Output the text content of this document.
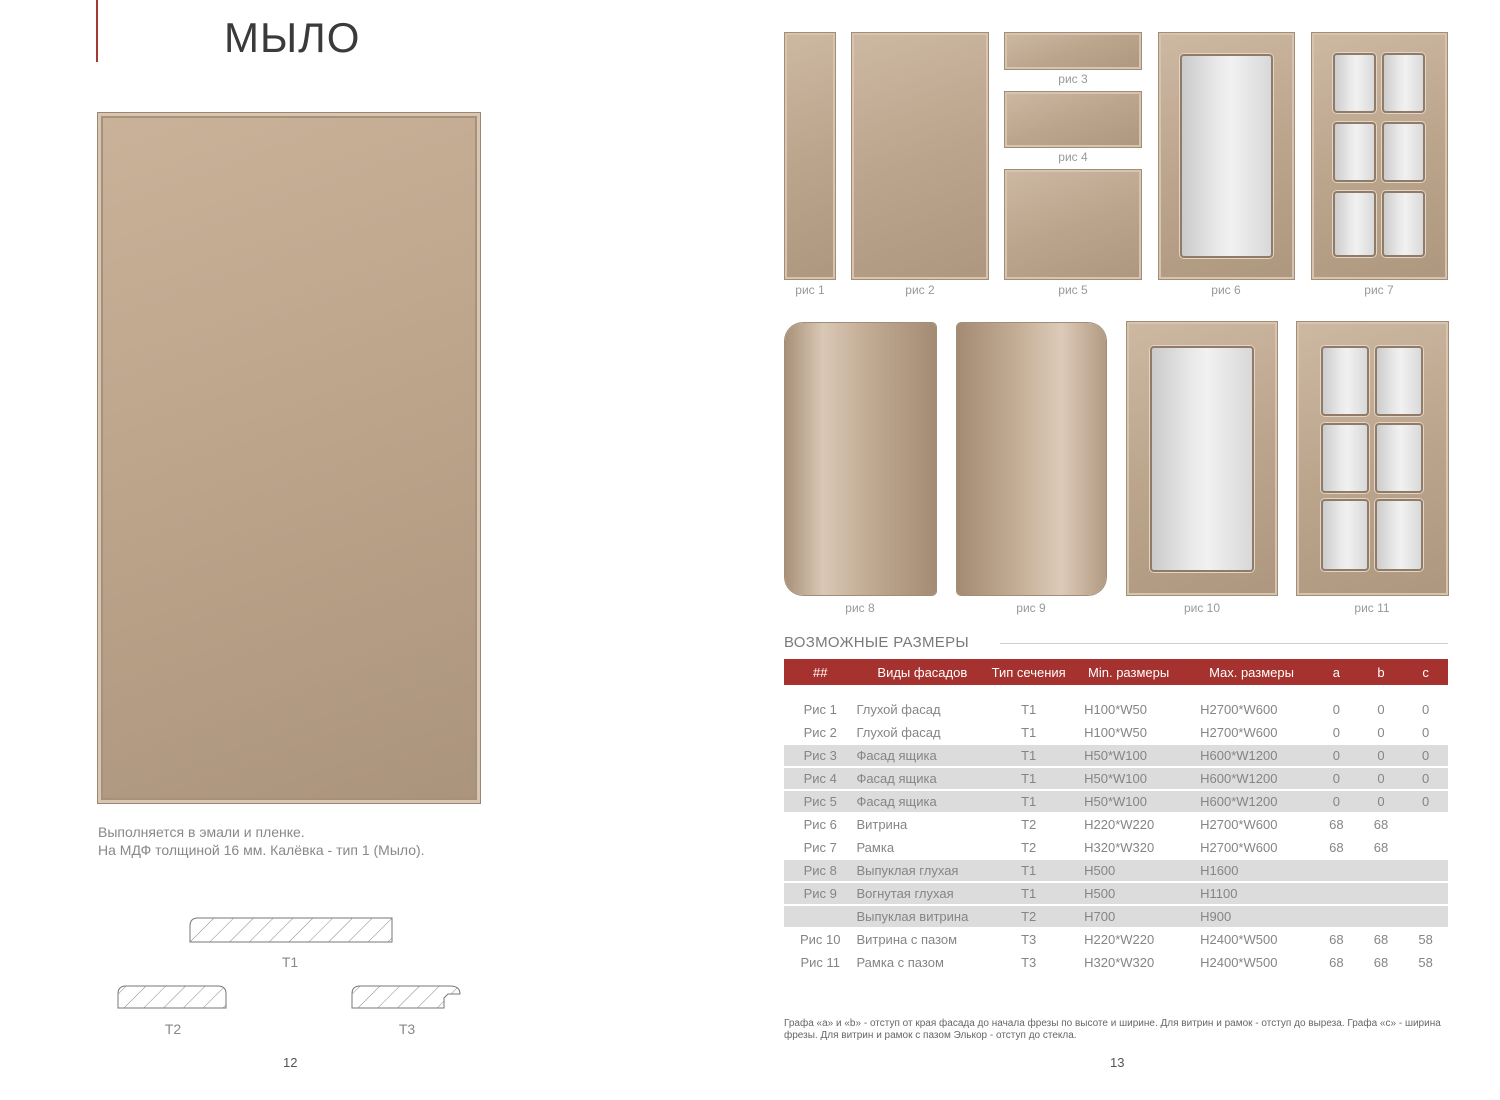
МЫЛО
Выполняется в эмали и пленке.
На МДФ толщиной 16 мм. Калёвка - тип 1 (Мыло).
T1
T2	T3
12
рис 1	рис 2
рис 3
рис 4
рис 5	рис 6	рис 7
рис 8	рис 9	рис 10	рис 11
ВОЗМОЖНЫЕ РАЗМЕРЫ
##	Виды фасадов	Тип сечения	Min. размеры	Max. размеры	a	b	c

Рис 1	Глухой фасад	T1	H100*W50	H2700*W600	0	0	0
Рис 2	Глухой фасад	T1	H100*W50	H2700*W600	0	0	0
Рис 3	Фасад ящика	T1	H50*W100	H600*W1200	0	0	0
Рис 4	Фасад ящика	T1	H50*W100	H600*W1200	0	0	0
Рис 5	Фасад ящика	T1	H50*W100	H600*W1200	0	0	0
Рис 6	Витрина	T2	H220*W220	H2700*W600	68	68	
Рис 7	Рамка	T2	H320*W320	H2700*W600	68	68	
Рис 8	Выпуклая глухая	T1	H500	H1600			
Рис 9	Вогнутая глухая	T1	H500	H1100			
	Выпуклая витрина	T2	H700	H900			
Рис 10	Витрина с пазом	T3	H220*W220	H2400*W500	68	68	58
Рис 11	Рамка с пазом	T3	H320*W320	H2400*W500	68	68	58
Графа «a» и «b» - отступ от края фасада до начала фрезы по высоте и ширине. Для витрин и рамок - отступ до выреза. Графа «с» - ширина фрезы. Для витрин и рамок с пазом Элькор - отступ до стекла.
13
